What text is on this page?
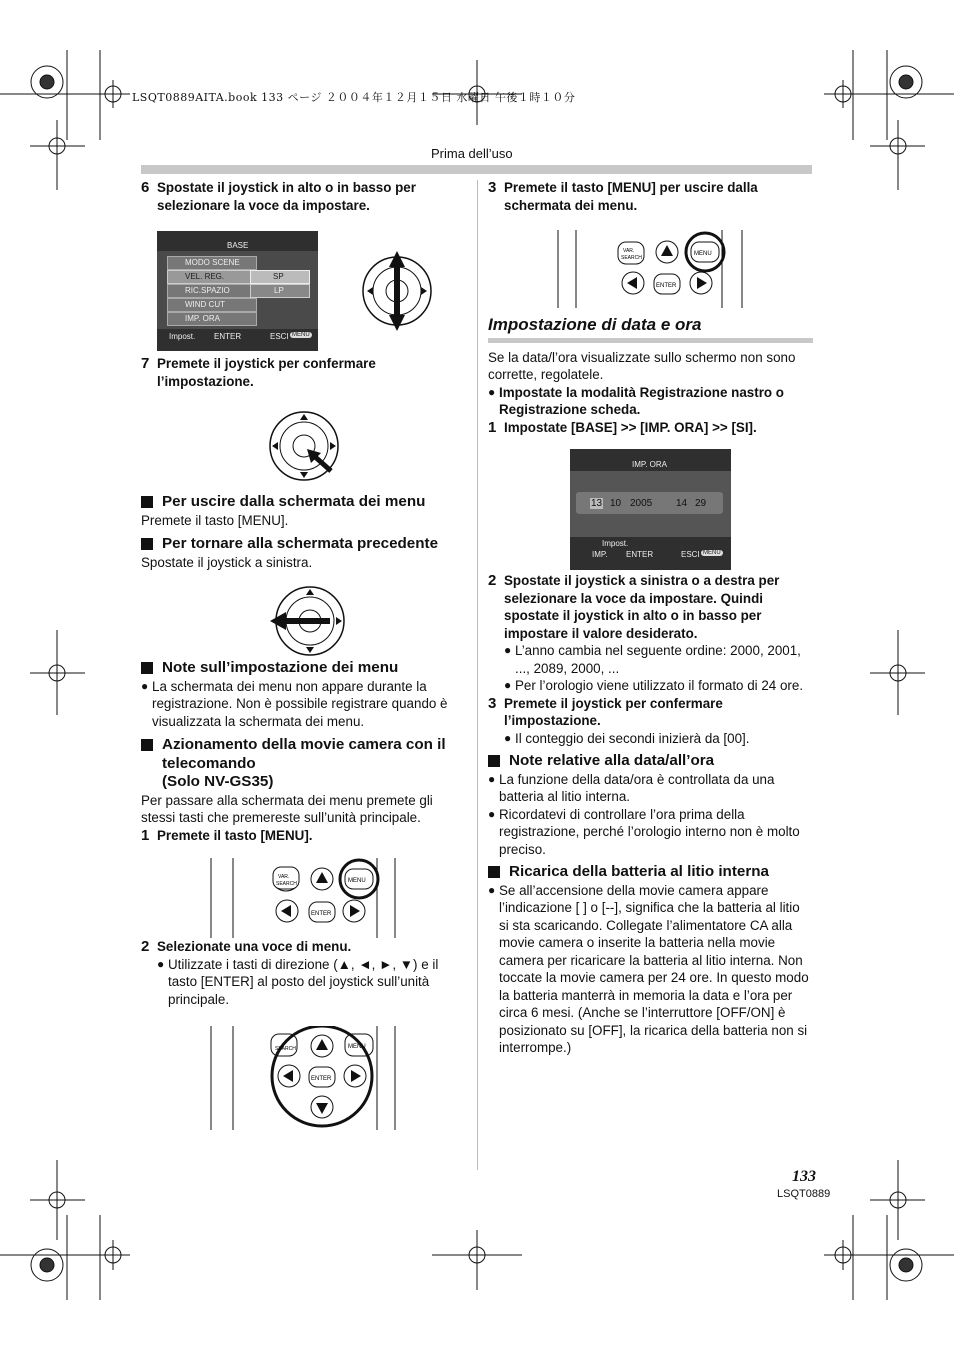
LSQT0889AITA.book 133 ページ ２００４年１２月１５日 水曜日 午後１時１０分
Prima dell’uso
6 Spostate il joystick in alto o in basso per selezionare la voce da impostare.
BASE
MODO SCENE
VEL. REG.
RIC.SPAZIO
WIND CUT
IMP. ORA
SP
LP
Impost. ENTER	ESCI MENU
7 Premete il joystick per confermare l’impostazione.
Per uscire dalla schermata dei menu
Premete il tasto [MENU].
Per tornare alla schermata precedente
Spostate il joystick a sinistra.
Note sull’impostazione dei menu
● La schermata dei menu non appare durante la registrazione. Non è possibile registrare quando è visualizzata la schermata dei menu.
Azionamento della movie camera con il telecomando
(Solo NV-GS35)
Per passare alla schermata dei menu premete gli stessi tasti che premereste sull’unità principale.
1 Premete il tasto [MENU].
VAR.
SEARCH	MENU
ENTER
2 Selezionate una voce di menu.
● Utilizzate i tasti di direzione (▲, ◄, ►, ▼) e il tasto [ENTER] al posto del joystick sull’unità principale.
SEARCH	MENU
ENTER
3 Premete il tasto [MENU] per uscire dalla schermata dei menu.
VAR.
SEARCH
MENU
ENTER
Impostazione di data e ora
Se la data/l’ora visualizzate sullo schermo non sono corrette, regolatele.
● Impostate la modalità Registrazione nastro o Registrazione scheda.
1 Impostate [BASE] >> [IMP. ORA] >> [SI].
IMP. ORA
13 10 2005 14 29
Impost.
IMP. ENTER	ESCI MENU
2 Spostate il joystick a sinistra o a destra per selezionare la voce da impostare. Quindi spostate il joystick in alto o in basso per impostare il valore desiderato.
● L’anno cambia nel seguente ordine: 2000, 2001, ..., 2089, 2000, ...
● Per l’orologio viene utilizzato il formato di 24 ore.
3 Premete il joystick per confermare l’impostazione.
● Il conteggio dei secondi inizierà da [00].
Note relative alla data/all’ora
● La funzione della data/ora è controllata da una batteria al litio interna.
● Ricordatevi di controllare l’ora prima della registrazione, perché l’orologio interno non è molto preciso.
Ricarica della batteria al litio interna
● Se all’accensione della movie camera appare l’indicazione [ ] o [--], significa che la batteria al litio si sta scaricando. Collegate l’alimentatore CA alla movie camera o inserite la batteria nella movie camera per ricaricare la batteria al litio interna. Non toccate la movie camera per 24 ore. In questo modo la batteria manterrà in memoria la data e l’ora per circa 6 mesi. (Anche se l’interruttore [OFF/ON] è posizionato su [OFF], la ricarica della batteria non si interrompe.)
133
LSQT0889
